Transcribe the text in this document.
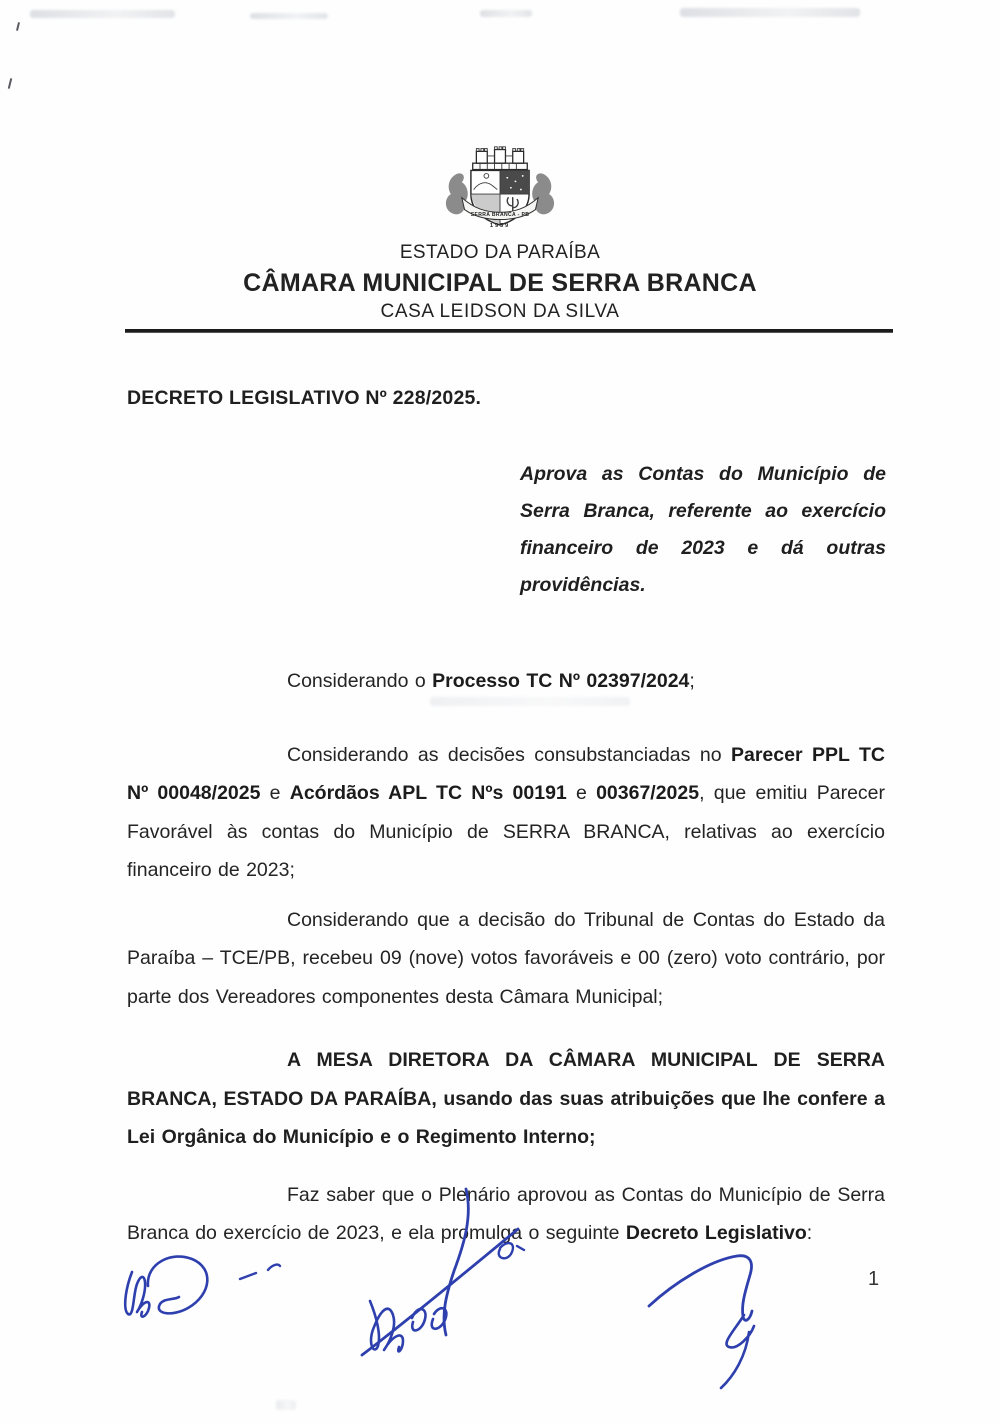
SERRA BRANCA - PB
1959
ESTADO DA PARAÍBA
CÂMARA MUNICIPAL DE SERRA BRANCA
CASA LEIDSON DA SILVA
DECRETO LEGISLATIVO Nº 228/2025.
Aprova as Contas do Município de Serra Branca, referente ao exercício financeiro de 2023 e dá outras providências.

Considerando o Processo TC Nº 02397/2024;

Considerando as decisões consubstanciadas no Parecer PPL TC Nº 00048/2025 e Acórdãos APL TC Nºs 00191 e 00367/2025, que emitiu Parecer Favorável às contas do Município de SERRA BRANCA, relativas ao exercício financeiro de 2023;

Considerando que a decisão do Tribunal de Contas do Estado da Paraíba – TCE/PB, recebeu 09 (nove) votos favoráveis e 00 (zero) voto contrário, por parte dos Vereadores componentes desta Câmara Municipal;

A MESA DIRETORA DA CÂMARA MUNICIPAL DE SERRA BRANCA, ESTADO DA PARAÍBA, usando das suas atribuições que lhe confere a Lei Orgânica do Município e o Regimento Interno;

Faz saber que o Plenário aprovou as Contas do Município de Serra Branca do exercício de 2023, e ela promulga o seguinte Decreto Legislativo:

1
